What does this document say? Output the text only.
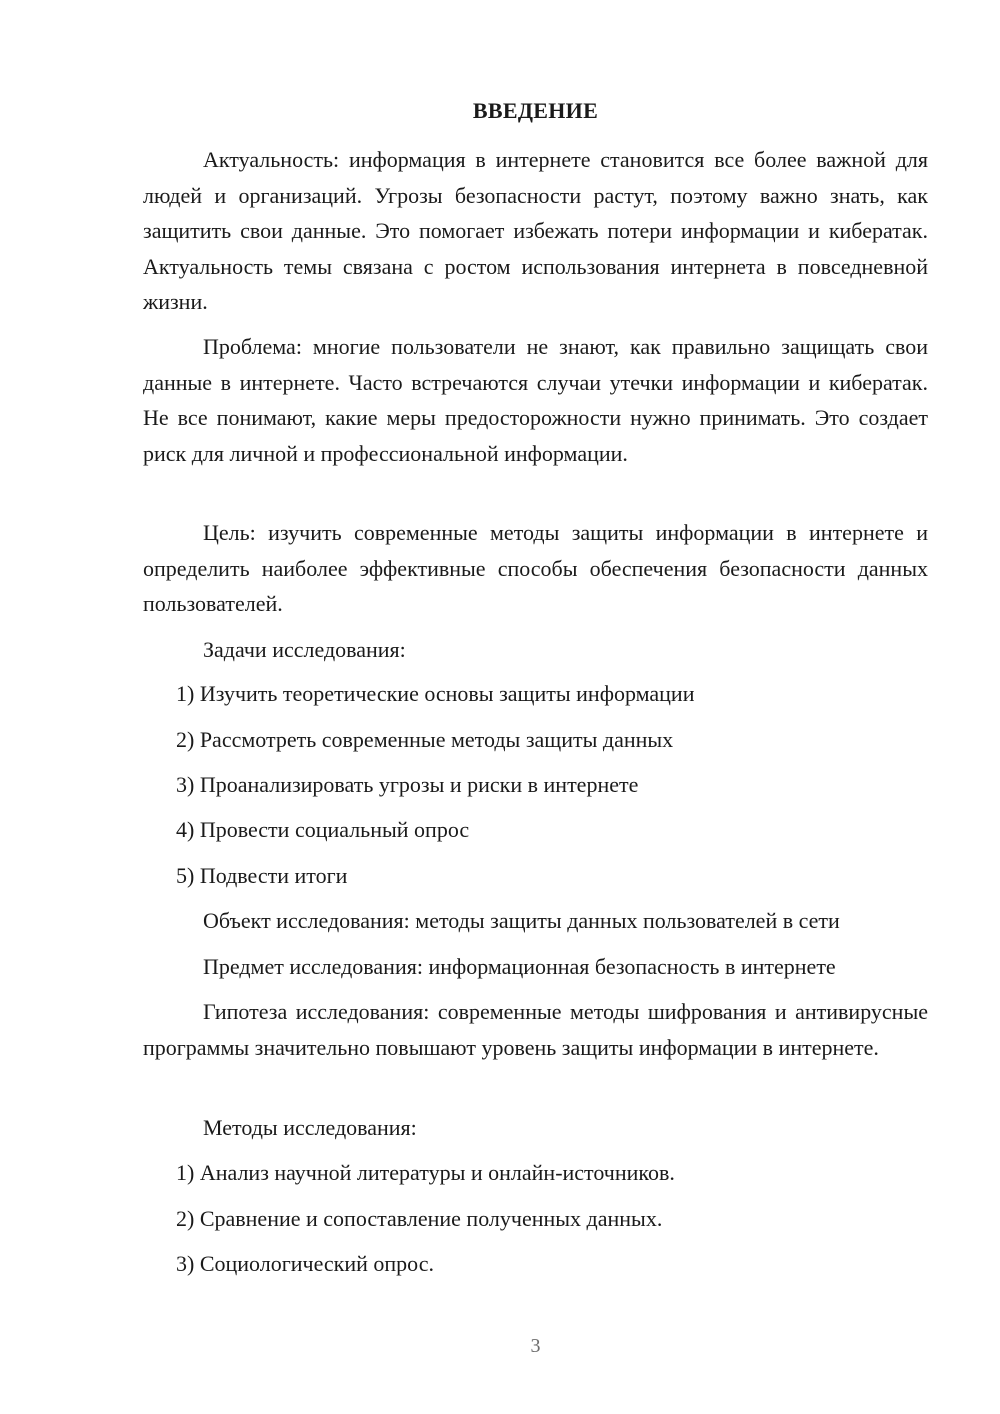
ВВЕДЕНИЕ

Актуальность: информация в интернете становится все более важной для людей и организаций. Угрозы безопасности растут, поэтому важно знать, как защитить свои данные. Это помогает избежать потери информации и кибератак. Актуальность темы связана с ростом использования интернета в повседневной жизни.

Проблема: многие пользователи не знают, как правильно защищать свои данные в интернете. Часто встречаются случаи утечки информации и кибератак. Не все понимают, какие меры предосторожности нужно принимать. Это создает риск для личной и профессиональной информации.

Цель: изучить современные методы защиты информации в интернете и определить наиболее эффективные способы обеспечения безопасности данных пользователей.

Задачи исследования:

1) Изучить теоретические основы защиты информации

2) Рассмотреть современные методы защиты данных

3) Проанализировать угрозы и риски в интернете

4) Провести социальный опрос

5) Подвести итоги

Объект исследования: методы защиты данных пользователей в сети

Предмет исследования: информационная безопасность в интернете

Гипотеза исследования: современные методы шифрования и антивирусные программы значительно повышают уровень защиты информации в интернете.

Методы исследования:

1) Анализ научной литературы и онлайн-источников.

2) Сравнение и сопоставление полученных данных.

3) Социологический опрос.

3
